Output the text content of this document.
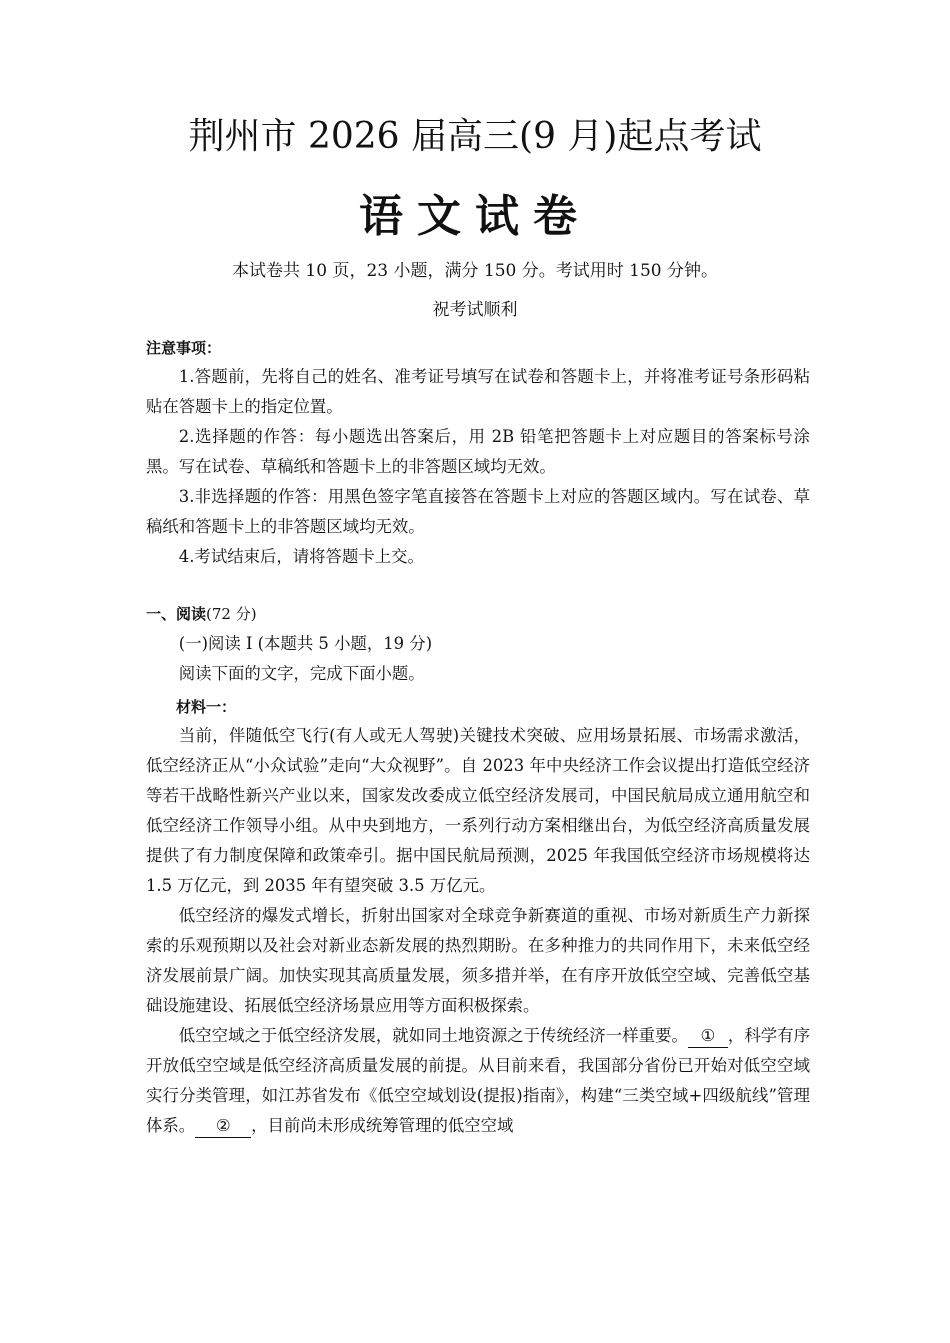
荆州市 2026 届高三(9 月)起点考试
语文试卷
本试卷共 10 页，23 小题，满分 150 分。考试用时 150 分钟。
祝考试顺利
注意事项：

1.答题前，先将自己的姓名、准考证号填写在试卷和答题卡上，并将准考证号条形码粘贴在答题卡上的指定位置。

2.选择题的作答：每小题选出答案后，用 2B 铅笔把答题卡上对应题目的答案标号涂黑。写在试卷、草稿纸和答题卡上的非答题区域均无效。

3.非选择题的作答：用黑色签字笔直接答在答题卡上对应的答题区域内。写在试卷、草稿纸和答题卡上的非答题区域均无效。

4.考试结束后，请将答题卡上交。

一、阅读(72 分)
(一)阅读 I (本题共 5 小题，19 分)
阅读下面的文字，完成下面小题。
材料一：

当前，伴随低空飞行(有人或无人驾驶)关键技术突破、应用场景拓展、市场需求激活，低空经济正从“小众试验”走向“大众视野”。自 2023 年中央经济工作会议提出打造低空经济等若干战略性新兴产业以来，国家发改委成立低空经济发展司，中国民航局成立通用航空和低空经济工作领导小组。从中央到地方，一系列行动方案相继出台，为低空经济高质量发展提供了有力制度保障和政策牵引。据中国民航局预测，2025 年我国低空经济市场规模将达 1.5 万亿元，到 2035 年有望突破 3.5 万亿元。

低空经济的爆发式增长，折射出国家对全球竞争新赛道的重视、市场对新质生产力新探索的乐观预期以及社会对新业态新发展的热烈期盼。在多种推力的共同作用下，未来低空经济发展前景广阔。加快实现其高质量发展，须多措并举，在有序开放低空空域、完善低空基础设施建设、拓展低空经济场景应用等方面积极探索。

低空空域之于低空经济发展，就如同土地资源之于传统经济一样重要。 ① ，科学有序开放低空空域是低空经济高质量发展的前提。从目前来看，我国部分省份已开始对低空空域实行分类管理，如江苏省发布《低空空域划设(提报)指南》，构建“三类空域+四级航线”管理体系。 ② ，目前尚未形成统筹管理的低空空域
